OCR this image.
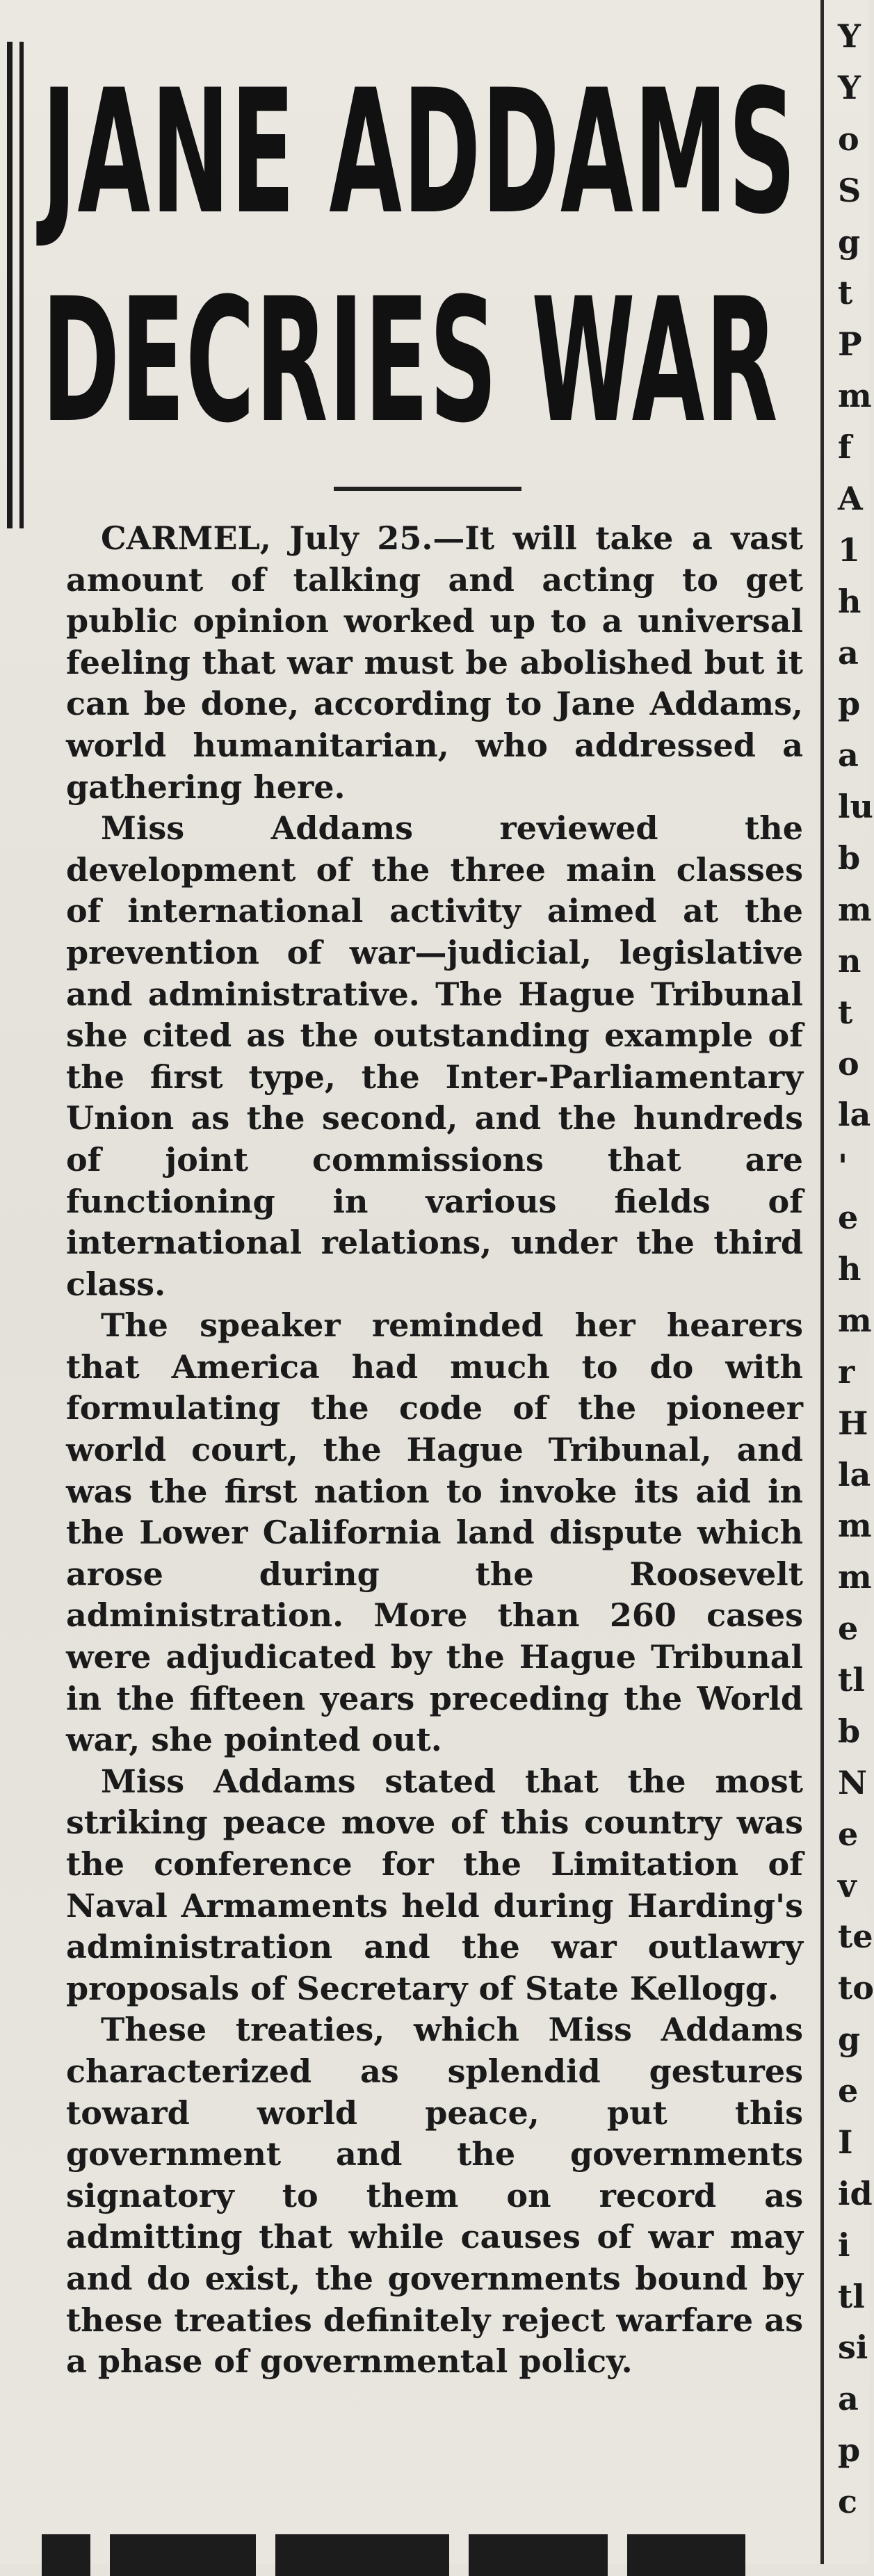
JANE ADDAMS
DECRIES WAR

CARMEL, July 25.—It will take a vast amount of talking and acting to get public opinion worked up to a universal feeling that war must be abolished but it can be done, according to Jane Addams, world humanitarian, who addressed a gathering here.

Miss Addams reviewed the development of the three main classes of international activity aimed at the prevention of war—judicial, legislative and administrative. The Hague Tribunal she cited as the outstanding example of the first type, the Inter-Parliamentary Union as the second, and the hundreds of joint commissions that are functioning in various fields of international relations, under the third class.

The speaker reminded her hearers that America had much to do with formulating the code of the pioneer world court, the Hague Tribunal, and was the first nation to invoke its aid in the Lower California land dispute which arose during the Roosevelt administration. More than 260 cases were adjudicated by the Hague Tribunal in the fifteen years preceding the World war, she pointed out.

Miss Addams stated that the most striking peace move of this country was the conference for the Limitation of Naval Armaments held during Harding's administration and the war outlawry proposals of Secretary of State Kellogg.

These treaties, which Miss Addams characterized as splendid gestures toward world peace, put this government and the governments signatory to them on record as admitting that while causes of war may and do exist, the governments bound by these treaties definitely reject warfare as a phase of governmental policy.

Y
Y
o
S
g
t
P
m
f
A
1
h
a
p
a
lu
b
m
n
t
o
la
'
e
h
m
r
H
la
m
m
e
tl
b
N
e
v
te
to
g
e
I
id
i
tl
si
a
p
c
